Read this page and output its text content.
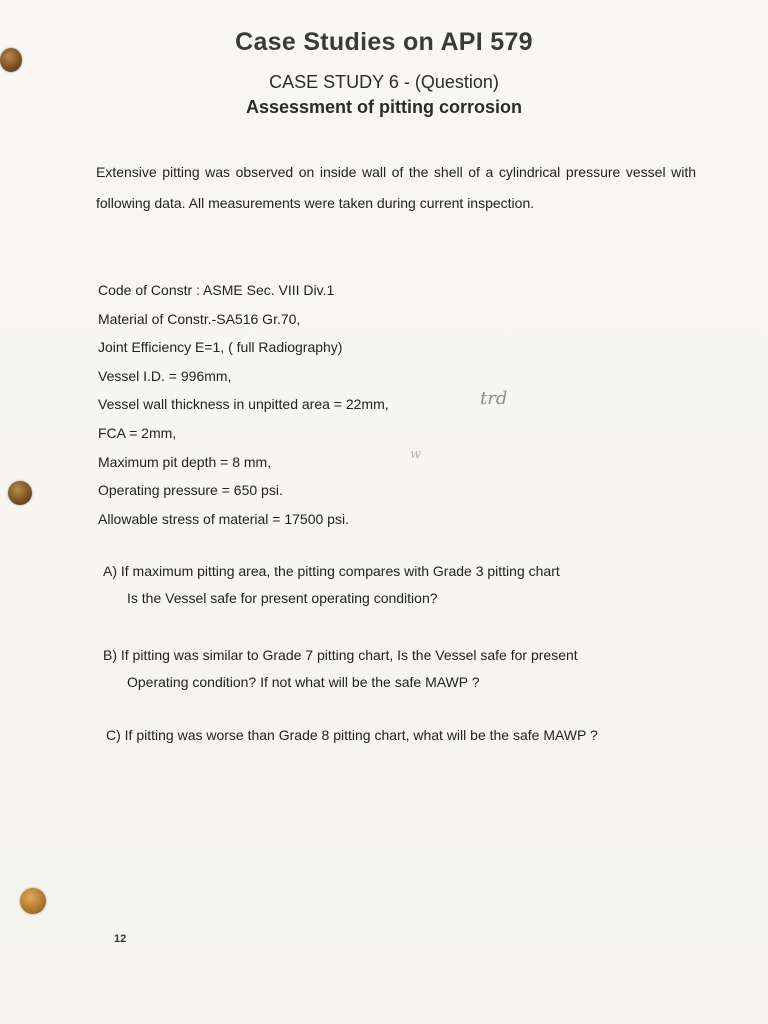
Case Studies on API 579
CASE STUDY 6 - (Question)
Assessment of pitting corrosion
Extensive pitting was observed on inside wall of the shell of a cylindrical pressure vessel with following data. All measurements were taken during current inspection.
Code of Constr : ASME Sec. VIII Div.1
Material of Constr.-SA516 Gr.70,
Joint Efficiency E=1, ( full Radiography)
Vessel I.D. = 996mm,
Vessel wall thickness in unpitted area = 22mm,
FCA = 2mm,
Maximum pit depth = 8 mm,
Operating pressure = 650 psi.
Allowable stress of material = 17500 psi.
trd
w
A) If maximum pitting area, the pitting compares with Grade 3 pitting chart
Is the Vessel safe for present operating condition?
B) If pitting was similar to Grade 7 pitting chart, Is the Vessel safe for present
Operating condition? If not what will be the safe MAWP ?
C) If pitting was worse than Grade 8 pitting chart, what will be the safe MAWP ?
12
